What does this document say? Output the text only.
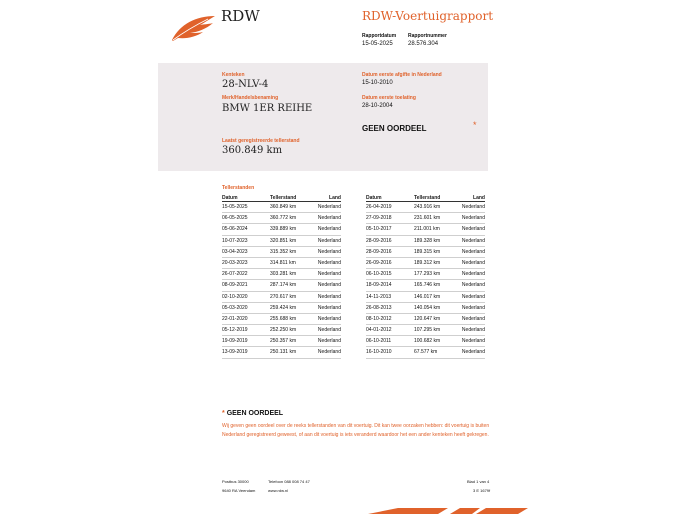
RDW	RDW-Voertuigrapport
Rapportdatum
15-05-2025
Rapportnummer
28.576.304
Kenteken
28-NLV-4
Merk/Handelsbenaming
BMW 1ER REIHE
Laatst geregistreerde tellerstand
360.849 km
Datum eerste afgifte in Nederland
15-10-2010
Datum eerste toelating
28-10-2004
GEEN OORDEEL	*
Tellerstanden
Datum	Tellerstand	Land
15-05-2025	360.849 km	Nederland
06-05-2025	360.772 km	Nederland
05-06-2024	339.889 km	Nederland
10-07-2023	320.851 km	Nederland
03-04-2023	315.352 km	Nederland
20-03-2023	314.811 km	Nederland
26-07-2022	303.281 km	Nederland
08-09-2021	287.174 km	Nederland
02-10-2020	270.617 km	Nederland
05-03-2020	259.424 km	Nederland
22-01-2020	255.688 km	Nederland
05-12-2019	252.250 km	Nederland
19-09-2019	250.357 km	Nederland
13-09-2019	250.131 km	Nederland
Datum	Tellerstand	Land
26-04-2019	243.916 km	Nederland
27-09-2018	231.601 km	Nederland
05-10-2017	211.001 km	Nederland
28-09-2016	189.328 km	Nederland
28-09-2016	189.315 km	Nederland
26-09-2016	189.312 km	Nederland
06-10-2015	177.293 km	Nederland
18-09-2014	165.746 km	Nederland
14-11-2013	146.017 km	Nederland
26-08-2013	140.054 km	Nederland
08-10-2012	120.647 km	Nederland
04-01-2012	107.295 km	Nederland
06-10-2011	100.682 km	Nederland
16-10-2010	67.577 km	Nederland
* GEEN OORDEEL
Wij geven geen oordeel over de reeks tellerstanden van dit voertuig. Dit kan twee oorzaken hebben: dit voertuig is buiten Nederland geregistreerd geweest, of aan dit voertuig is iets veranderd waardoor het een ander kenteken heeft gekregen.
Postbus 30000
9640 RA Veendam
Telefoon 088 008 74 47
www.rdw.nl
Blad 1 van 4
3 E 1679f
